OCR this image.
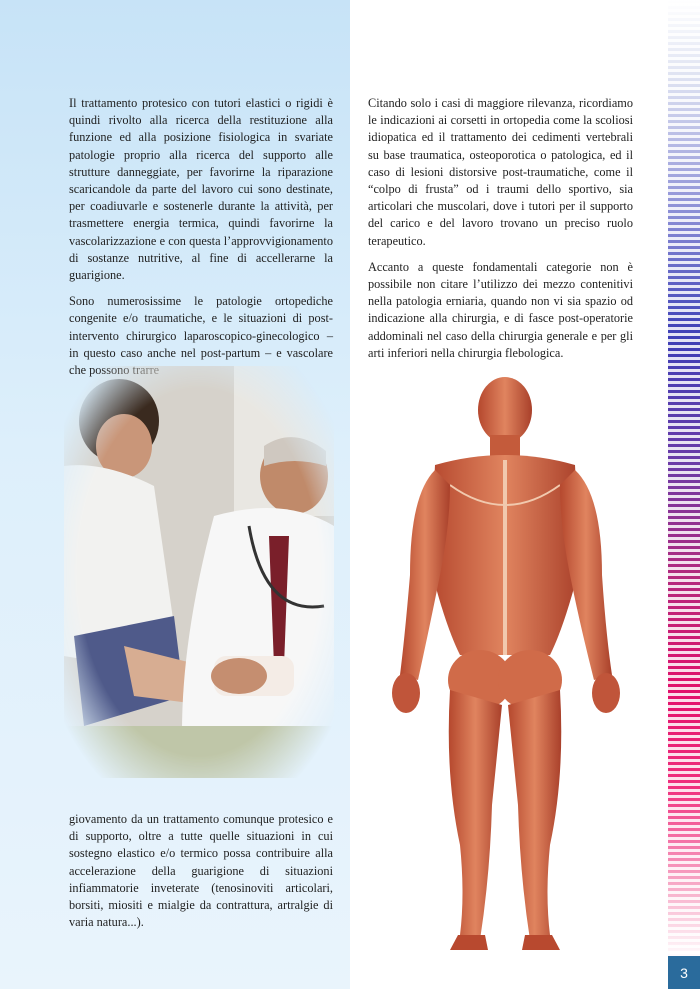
Il trattamento protesico con tutori elastici o rigidi è quindi rivolto alla ricerca della restituzione alla funzione ed alla posizione fisiologica in svariate patologie proprio alla ricerca del supporto alle strutture danneggiate, per favorirne la riparazione scaricandole da parte del lavoro cui sono destinate, per coadiuvarle e sostenerle durante la attività, per trasmettere energia termica, quindi favorirne la vascolarizzazione e con questa l’approvvigionamento di sostanze nutritive, al fine di accellerarne la guarigione.

Sono numerosissime le patologie ortopediche congenite e/o traumatiche, e le situazioni di post-intervento chirurgico laparoscopico-ginecologico – in questo caso anche nel post-partum – e vascolare

giovamento da un trattamento comunque protesico e di supporto, oltre a tutte quelle situazioni in cui sostegno elastico e/o termico possa contribuire alla accelerazione della guarigione di situazioni infiammatorie inveterate (tenosinoviti articolari, borsiti, miositi e mialgie da contrattura, artralgie di varia natura...).

Citando solo i casi di maggiore rilevanza, ricordiamo le indicazioni ai corsetti in ortopedia come la scoliosi idiopatica ed il trattamento dei cedimenti vertebrali su base traumatica, osteoporotica o patologica, ed il caso di lesioni distorsive post-traumatiche, come il “colpo di frusta” od i traumi dello sportivo, sia articolari che muscolari, dove i tutori per il supporto del carico e del lavoro trovano un preciso ruolo terapeutico.

Accanto a queste fondamentali categorie non è possibile non citare l’utilizzo dei mezzo contenitivi nella patologia erniaria, quando non vi sia spazio od indicazione alla chirurgia, e di fasce post-operatorie addominali nel caso della chirurgia generale e per gli arti inferiori nella chirurgia flebologica.

3
